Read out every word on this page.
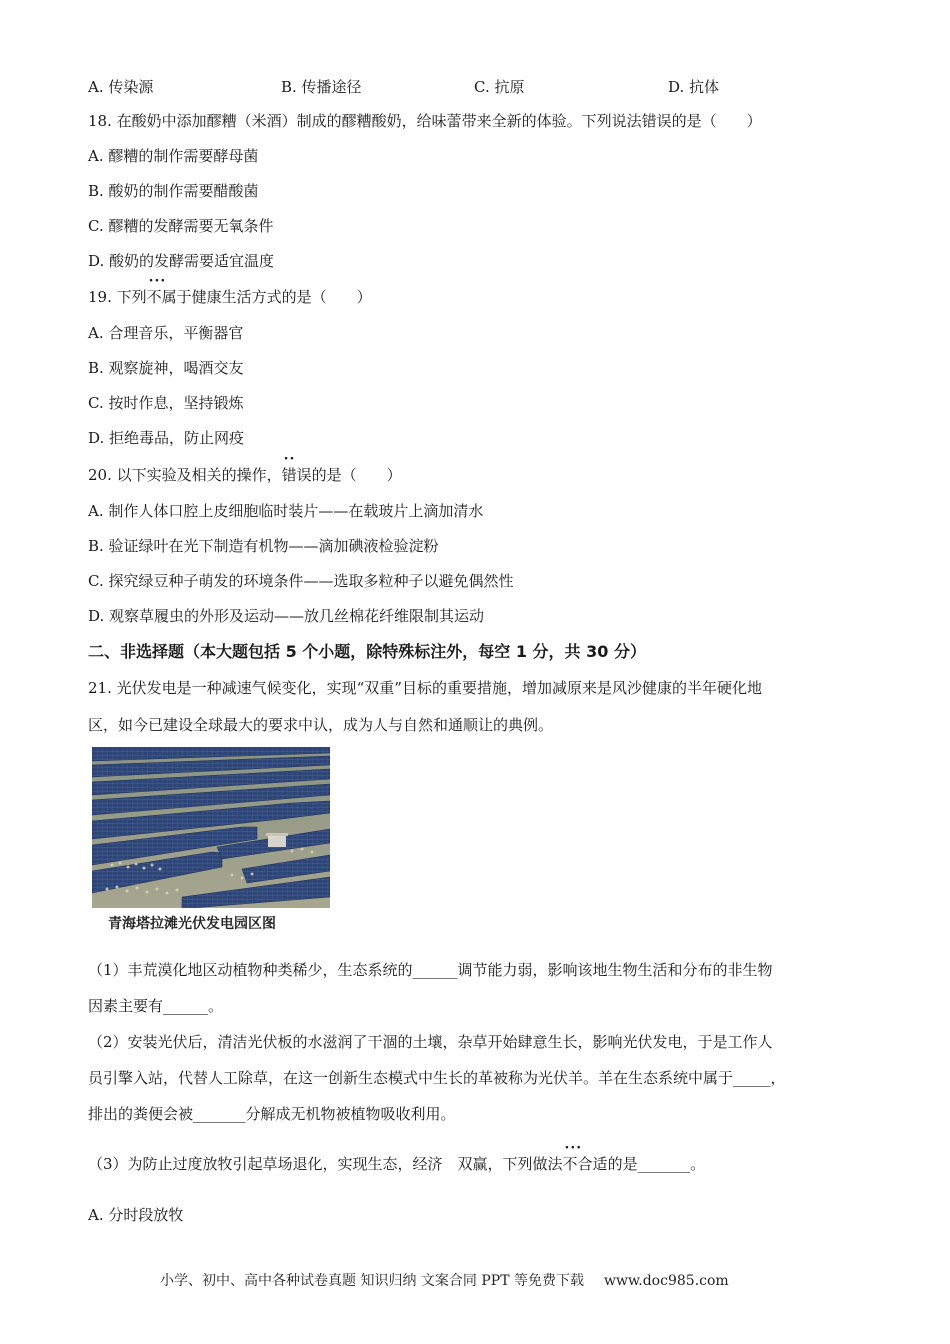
A. 传染源	B. 传播途径	C. 抗原	D. 抗体
18. 在酸奶中添加醪糟（米酒）制成的醪糟酸奶，给味蕾带来全新的体验。下列说法错误的是（　　）
A. 醪糟的制作需要酵母菌
B. 酸奶的制作需要醋酸菌
C. 醪糟的发酵需要无氧条件
D. 酸奶的发酵需要适宜温度
19. 下列··· 不属于健康生活方式的是（　　）
A. 合理音乐，平衡器官
B. 观察旋神，喝酒交友
C. 按时作息，坚持锻炼
D. 拒绝毒品，防止网疫
20. 以下实验及相关的操作，·· 错误的是（　　）
A. 制作人体口腔上皮细胞临时装片——在载玻片上滴加清水
B. 验证绿叶在光下制造有机物——滴加碘液检验淀粉
C. 探究绿豆种子萌发的环境条件——选取多粒种子以避免偶然性
D. 观察草履虫的外形及运动——放几丝棉花纤维限制其运动
二、非选择题（本大题包括 5 个小题，除特殊标注外，每空 1 分，共 30 分）
21. 光伏发电是一种减速气候变化，实现“双重”目标的重要措施，增加减原来是风沙健康的半年硬化地
区，如今已建设全球最大的要求中认，成为人与自然和通顺让的典例。
青海塔拉滩光伏发电园区图
（1）丰荒漠化地区动植物种类稀少，生态系统的______调节能力弱，影响该地生物生活和分布的非生物
因素主要有______。
（2）安装光伏后，清洁光伏板的水滋润了干涸的土壤，杂草开始肆意生长，影响光伏发电，于是工作人
员引擎入站，代替人工除草，在这一创新生态模式中生长的革被称为光伏羊。羊在生态系统中属于_____，
排出的粪便会被_______分解成无机物被植物吸收利用。
（3）为防止过度放牧引起草场退化，实现生态，经济　双赢，下列做法··· 不合适的是_______。
A. 分时段放牧
小学、初中、高中各种试卷真题 知识归纳 文案合同 PPT 等免费下载 www.doc985.com
